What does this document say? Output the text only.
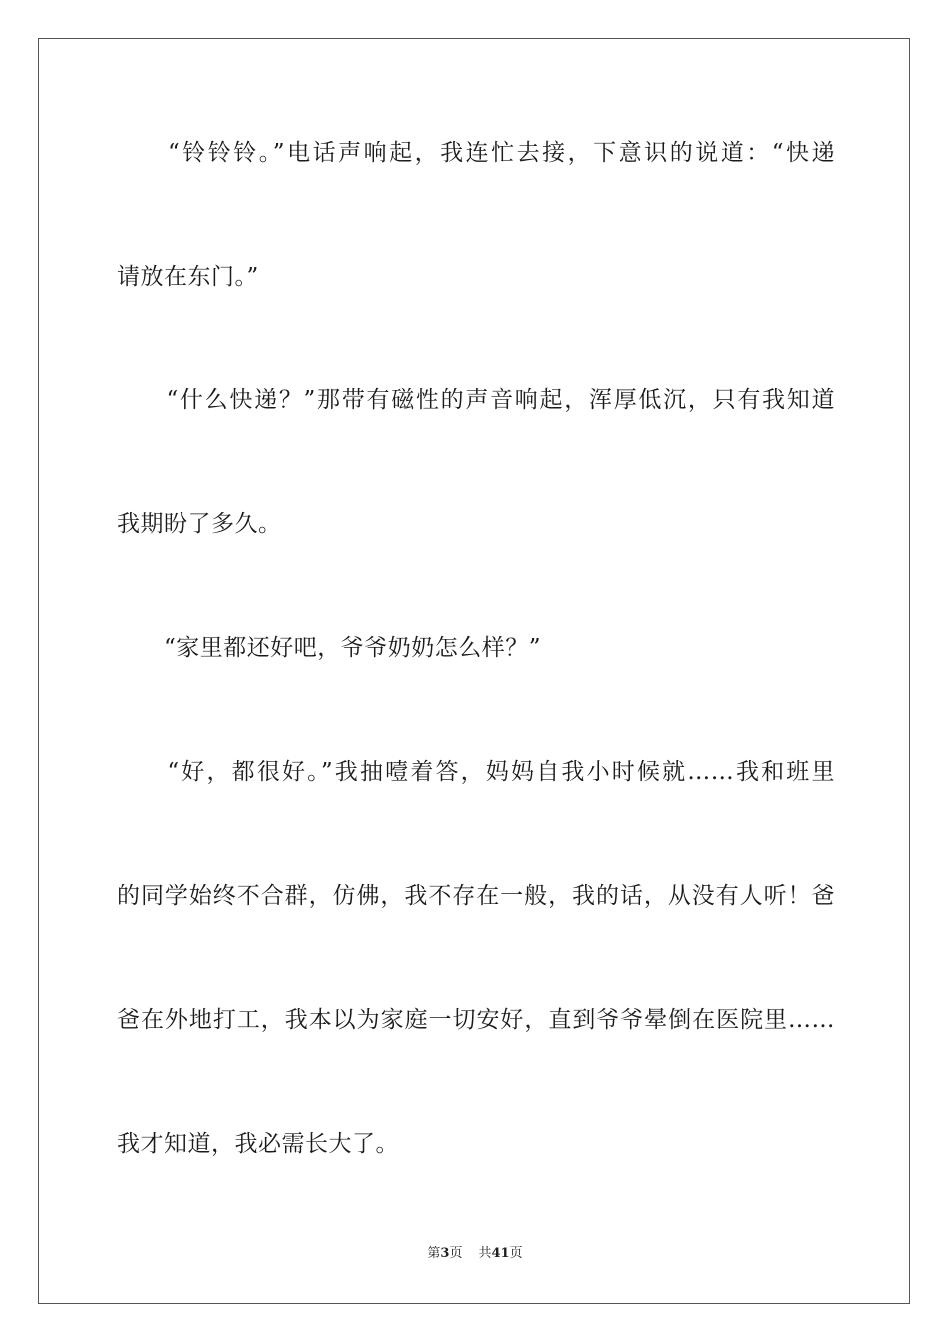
　　“铃铃铃。”电话声响起，我连忙去接，下意识的说道：“快递
请放在东门。”
　　“什么快递？”那带有磁性的声音响起，浑厚低沉，只有我知道
我期盼了多久。
　　“家里都还好吧，爷爷奶奶怎么样？”
　　“好，都很好。”我抽噎着答，妈妈自我小时候就……我和班里
的同学始终不合群，仿佛，我不存在一般，我的话，从没有人听！爸
爸在外地打工，我本以为家庭一切安好，直到爷爷晕倒在医院里……
我才知道，我必需长大了。
第3页 共41页
